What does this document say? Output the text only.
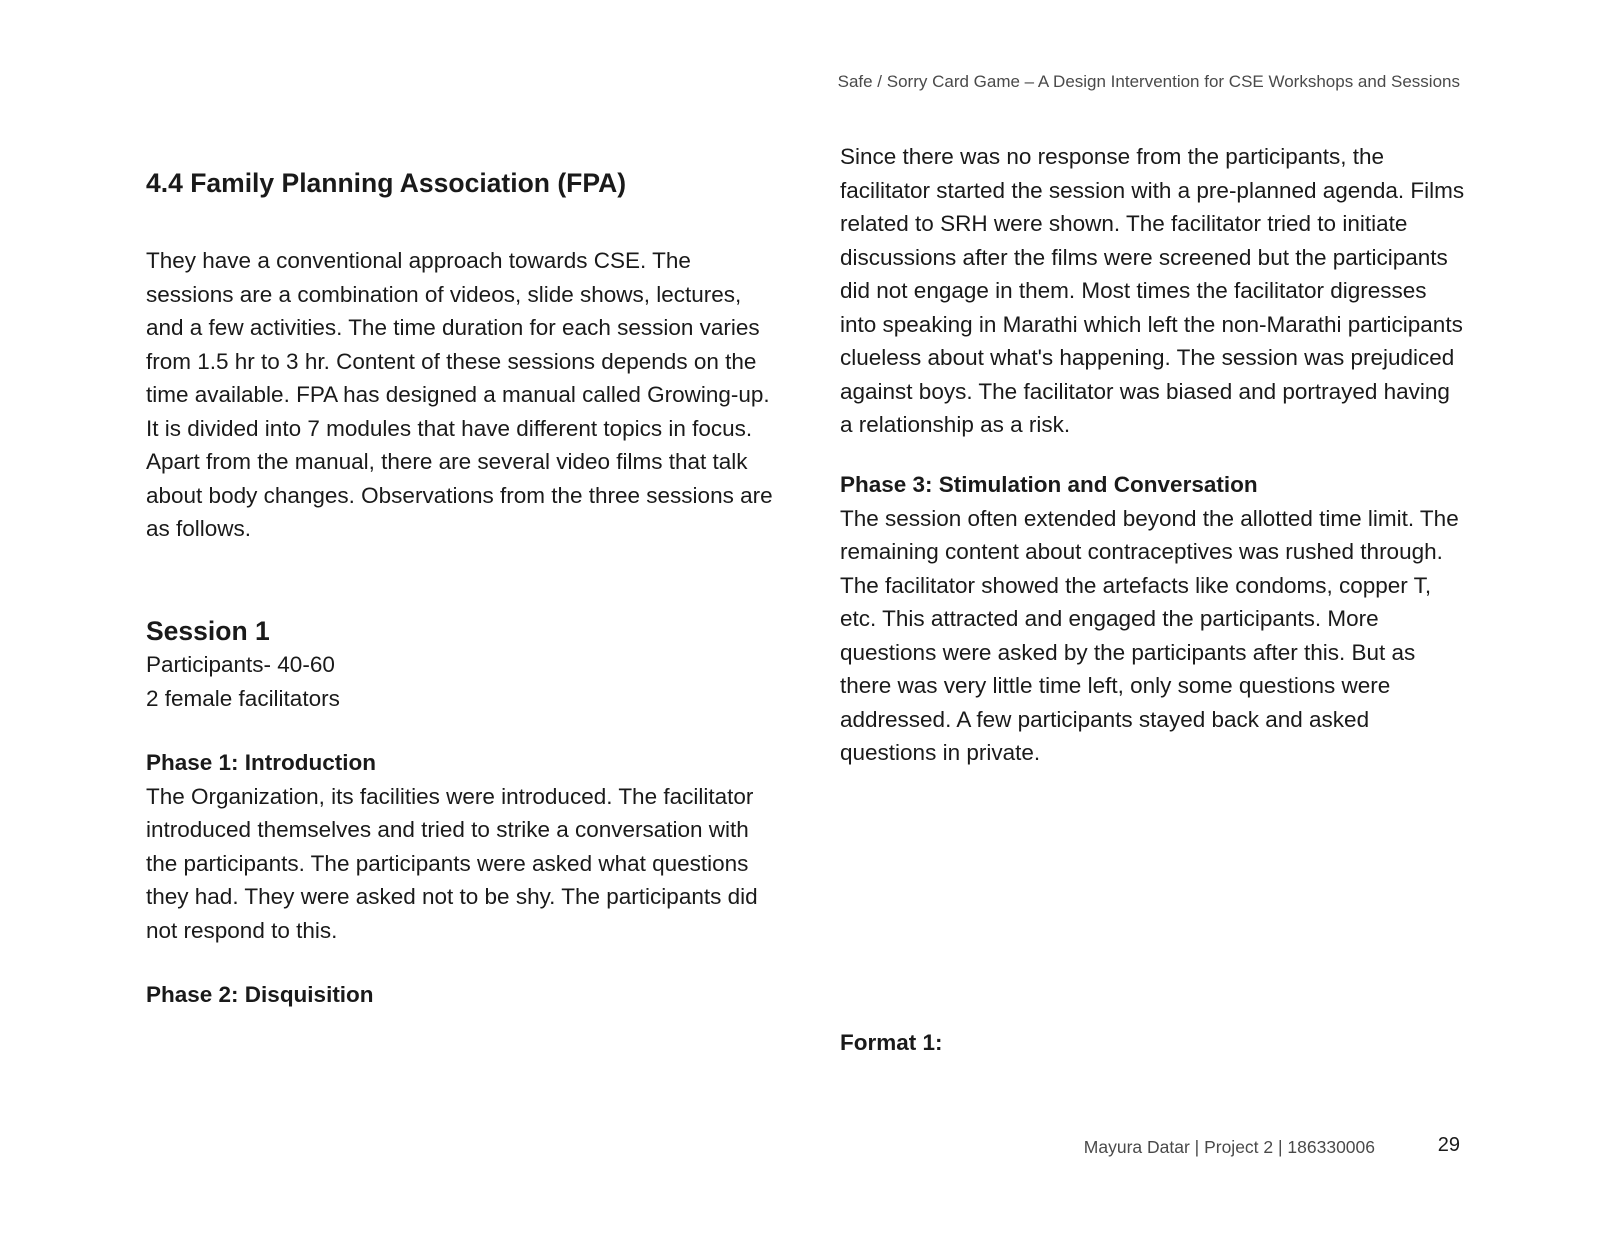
Safe / Sorry Card Game – A Design Intervention for CSE Workshops and Sessions
4.4 Family Planning Association (FPA)

They have a conventional approach towards CSE. The sessions are a combination of videos, slide shows, lectures, and a few activities. The time duration for each session varies from 1.5 hr to 3 hr. Content of these sessions depends on the time available. FPA has designed a manual called Growing-up. It is divided into 7 modules that have different topics in focus. Apart from the manual, there are several video films that talk about body changes. Observations from the three sessions are as follows.

Session 1

Participants- 40-60

2 female facilitators

Phase 1: Introduction

The Organization, its facilities were introduced. The facilitator introduced themselves and tried to strike a conversation with the participants. The participants were asked what questions they had. They were asked not to be shy. The participants did not respond to this.

Phase 2: Disquisition

Since there was no response from the participants, the facilitator started the session with a pre-planned agenda. Films related to SRH were shown. The facilitator tried to initiate discussions after the films were screened but the participants did not engage in them. Most times the facilitator digresses into speaking in Marathi which left the non-Marathi participants clueless about what's happening. The session was prejudiced against boys. The facilitator was biased and portrayed having a relationship as a risk.

Phase 3: Stimulation and Conversation

The session often extended beyond the allotted time limit. The remaining content about contraceptives was rushed through. The facilitator showed the artefacts like condoms, copper T, etc. This attracted and engaged the participants. More questions were asked by the participants after this. But as there was very little time left, only some questions were addressed. A few participants stayed back and asked questions in private.

Format 1:

Mayura Datar | Project 2 | 186330006	29
